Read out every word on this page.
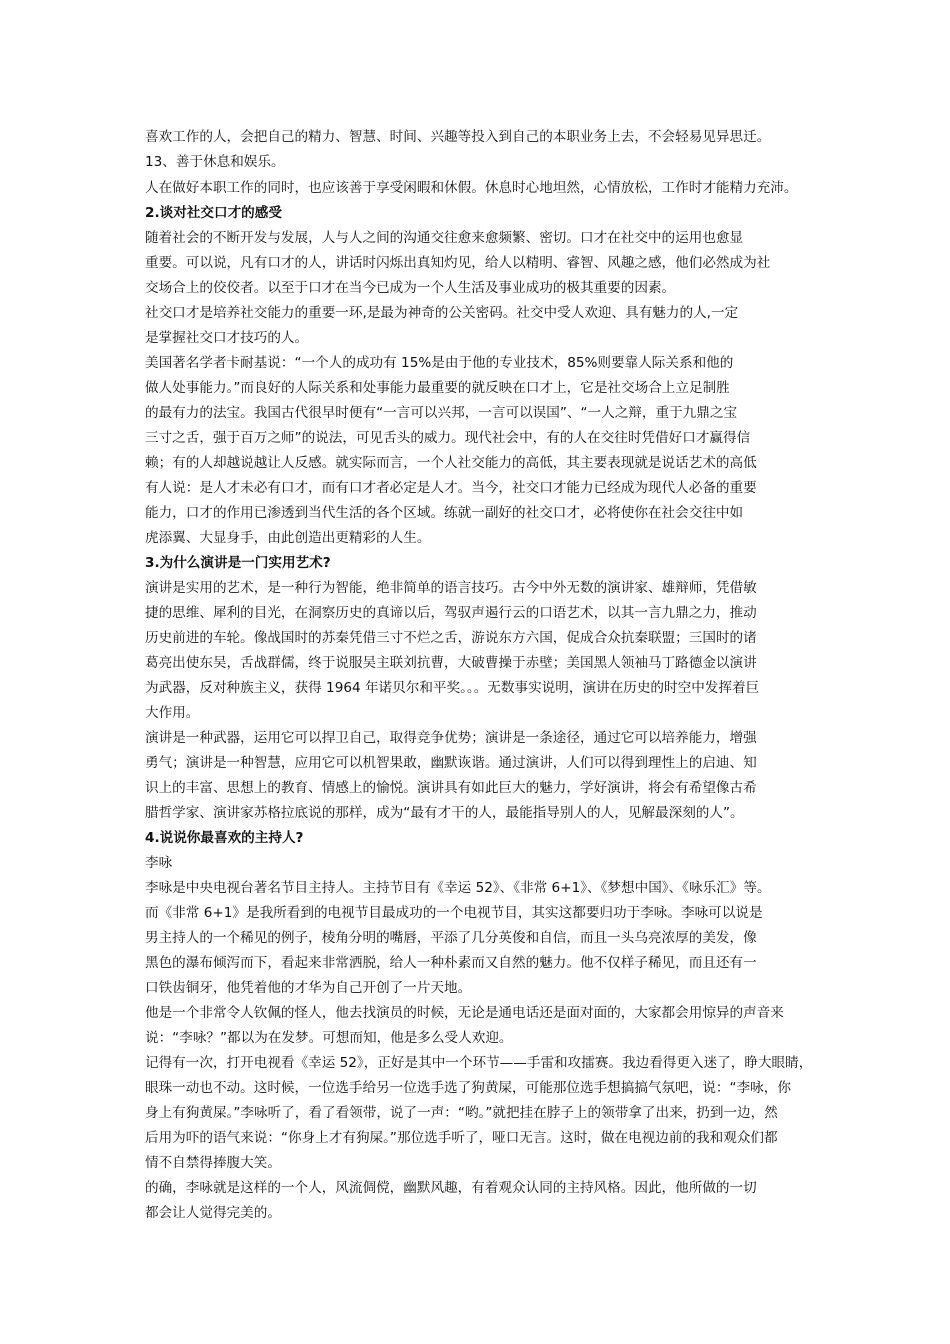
喜欢工作的人，会把自己的精力、智慧、时间、兴趣等投入到自己的本职业务上去，不会轻易见异思迁。

13、善于休息和娱乐。

人在做好本职工作的同时，也应该善于享受闲暇和休假。休息时心地坦然，心情放松，工作时才能精力充沛。

2.谈对社交口才的感受

随着社会的不断开发与发展，人与人之间的沟通交往愈来愈频繁、密切。口才在社交中的运用也愈显

重要。可以说，凡有口才的人，讲话时闪烁出真知灼见，给人以精明、睿智、风趣之感，他们必然成为社

交场合上的佼佼者。以至于口才在当今已成为一个人生活及事业成功的极其重要的因素。

社交口才是培养社交能力的重要一环,是最为神奇的公关密码。社交中受人欢迎、具有魅力的人,一定

是掌握社交口才技巧的人。

美国著名学者卡耐基说：“一个人的成功有 15%是由于他的专业技术，85%则要靠人际关系和他的

做人处事能力。”而良好的人际关系和处事能力最重要的就反映在口才上，它是社交场合上立足制胜

的最有力的法宝。我国古代很早时便有“一言可以兴邦，一言可以误国”、“一人之辩，重于九鼎之宝

三寸之舌，强于百万之师”的说法，可见舌头的威力。现代社会中，有的人在交往时凭借好口才赢得信

赖；有的人却越说越让人反感。就实际而言，一个人社交能力的高低，其主要表现就是说话艺术的高低

有人说：是人才未必有口才，而有口才者必定是人才。当今，社交口才能力已经成为现代人必备的重要

能力，口才的作用已渗透到当代生活的各个区域。练就一副好的社交口才，必将使你在社会交往中如

虎添翼、大显身手，由此创造出更精彩的人生。

3.为什么演讲是一门实用艺术?

演讲是实用的艺术，是一种行为智能，绝非简单的语言技巧。古今中外无数的演讲家、雄辩师，凭借敏

捷的思维、犀利的目光，在洞察历史的真谛以后，驾驭声遏行云的口语艺术，以其一言九鼎之力，推动

历史前进的车轮。像战国时的苏秦凭借三寸不烂之舌，游说东方六国，促成合众抗秦联盟；三国时的诸

葛亮出使东吴，舌战群儒，终于说服吴主联刘抗曹，大破曹操于赤壁；美国黑人领袖马丁路德金以演讲

为武器，反对种族主义，获得 1964 年诺贝尔和平奖。。。无数事实说明，演讲在历史的时空中发挥着巨

大作用。

演讲是一种武器，运用它可以捍卫自己，取得竞争优势；演讲是一条途径，通过它可以培养能力，增强

勇气；演讲是一种智慧，应用它可以机智果敢，幽默诙谐。通过演讲，人们可以得到理性上的启迪、知

识上的丰富、思想上的教育、情感上的愉悦。演讲具有如此巨大的魅力，学好演讲，将会有希望像古希

腊哲学家、演讲家苏格拉底说的那样，成为“最有才干的人，最能指导别人的人，见解最深刻的人”。

4.说说你最喜欢的主持人?

李咏

李咏是中央电视台著名节目主持人。主持节目有《幸运 52》、《非常 6+1》、《梦想中国》、《咏乐汇》等。

而《非常 6+1》是我所看到的电视节目最成功的一个电视节目，其实这都要归功于李咏。李咏可以说是

男主持人的一个稀见的例子，棱角分明的嘴唇，平添了几分英俊和自信，而且一头乌亮浓厚的美发，像

黑色的瀑布倾泻而下，看起来非常洒脱，给人一种朴素而又自然的魅力。他不仅样子稀见，而且还有一

口铁齿铜牙，他凭着他的才华为自己开创了一片天地。

他是一个非常令人钦佩的怪人，他去找演员的时候，无论是通电话还是面对面的，大家都会用惊异的声音来

说：“李咏？”都以为在发梦。可想而知，他是多么受人欢迎。

记得有一次，打开电视看《幸运 52》，正好是其中一个环节——手雷和攻擂赛。我边看得更入迷了，睁大眼睛，

眼珠一动也不动。这时候，一位选手给另一位选手选了狗黄屎，可能那位选手想搞搞气氛吧，说：“李咏，你

身上有狗黄屎。”李咏听了，看了看领带，说了一声：“哟。”就把挂在脖子上的领带拿了出来，扔到一边，然

后用为吓的语气来说：“你身上才有狗屎。”那位选手听了，哑口无言。这时，做在电视边前的我和观众们都

情不自禁得捧腹大笑。

的确，李咏就是这样的一个人，风流倜傥，幽默风趣，有着观众认同的主持风格。因此，他所做的一切

都会让人觉得完美的。
